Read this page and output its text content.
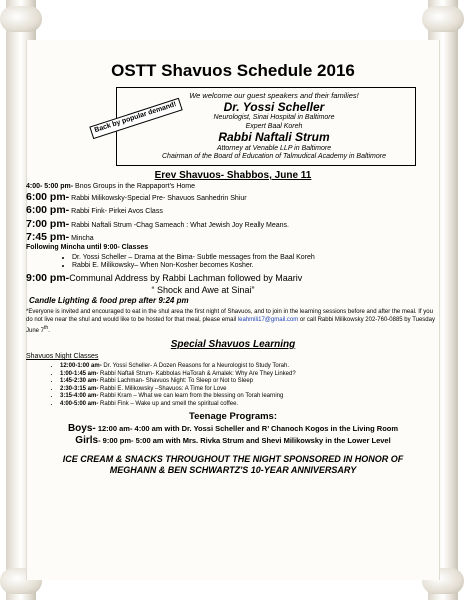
OSTT Shavuos Schedule 2016
Back by popular demand!
We welcome our guest speakers and their families!
Dr. Yossi Scheller
Neurologist, Sinai Hospital in Baltimore
Expert Baal Koreh
Rabbi Naftali Strum
Attorney at Venable LLP in Baltimore
Chairman of the Board of Education of Talmudical Academy in Baltimore
Erev Shavuos- Shabbos, June 11
4:00- 5:00 pm- Bnos Groups in the Rappaport's Home
6:00 pm- Rabbi Milikowsky-Special Pre- Shavuos Sanhedrin Shiur
6:00 pm- Rabbi Fink- Pirkei Avos Class
7:00 pm- Rabbi Naftali Strum -Chag Sameach : What Jewish Joy Really Means.
7:45 pm- Mincha
Following Mincha until 9:00- Classes
• Dr. Yossi Scheller – Drama at the Bima- Subtle messages from the Baal Koreh
• Rabbi E. Milikowsky– When Non-Kosher becomes Kosher.
9:00 pm-Communal Address by Rabbi Lachman followed by Maariv
“ Shock and Awe at Sinai”
Candle Lighting & food prep after 9:24 pm
*Everyone is invited and encouraged to eat in the shul area the first night of Shavuos, and to join in the learning sessions before and after the meal. If you do not live near the shul and would like to be hosted for that meal, please email leahmili17@gmail.com or call Rabbi Milikowsky 202-760-0885 by Tuesday June 7th.
Special Shavuos Learning
Shavuos Night Classes
• 12:00-1:00 am- Dr. Yossi Scheller- A Dozen Reasons for a Neurologist to Study Torah.
• 1:00-1:45 am- Rabbi Naftali Strum- Kabbolas HaTorah & Amalek: Why Are They Linked?
• 1:45-2:30 am- Rabbi Lachman- Shavuos Night: To Sleep or Not to Sleep
• 2:30-3:15 am- Rabbi E. Milikowsky –Shavuos: A Time for Love
• 3:15-4:00 am- Rabbi Kram – What we can learn from the blessing on Torah learning
• 4:00-5:00 am- Rabbi Fink – Wake up and smell the spiritual coffee.
Teenage Programs:
Boys- 12:00 am- 4:00 am with Dr. Yossi Scheller and R’ Chanoch Kogos in the Living Room
Girls- 9:00 pm- 5:00 am with Mrs. Rivka Strum and Shevi Milikowsky in the Lower Level
ICE CREAM & SNACKS THROUGHOUT THE NIGHT SPONSORED IN HONOR OF
MEGHANN & BEN SCHWARTZ'S 10-YEAR ANNIVERSARY
